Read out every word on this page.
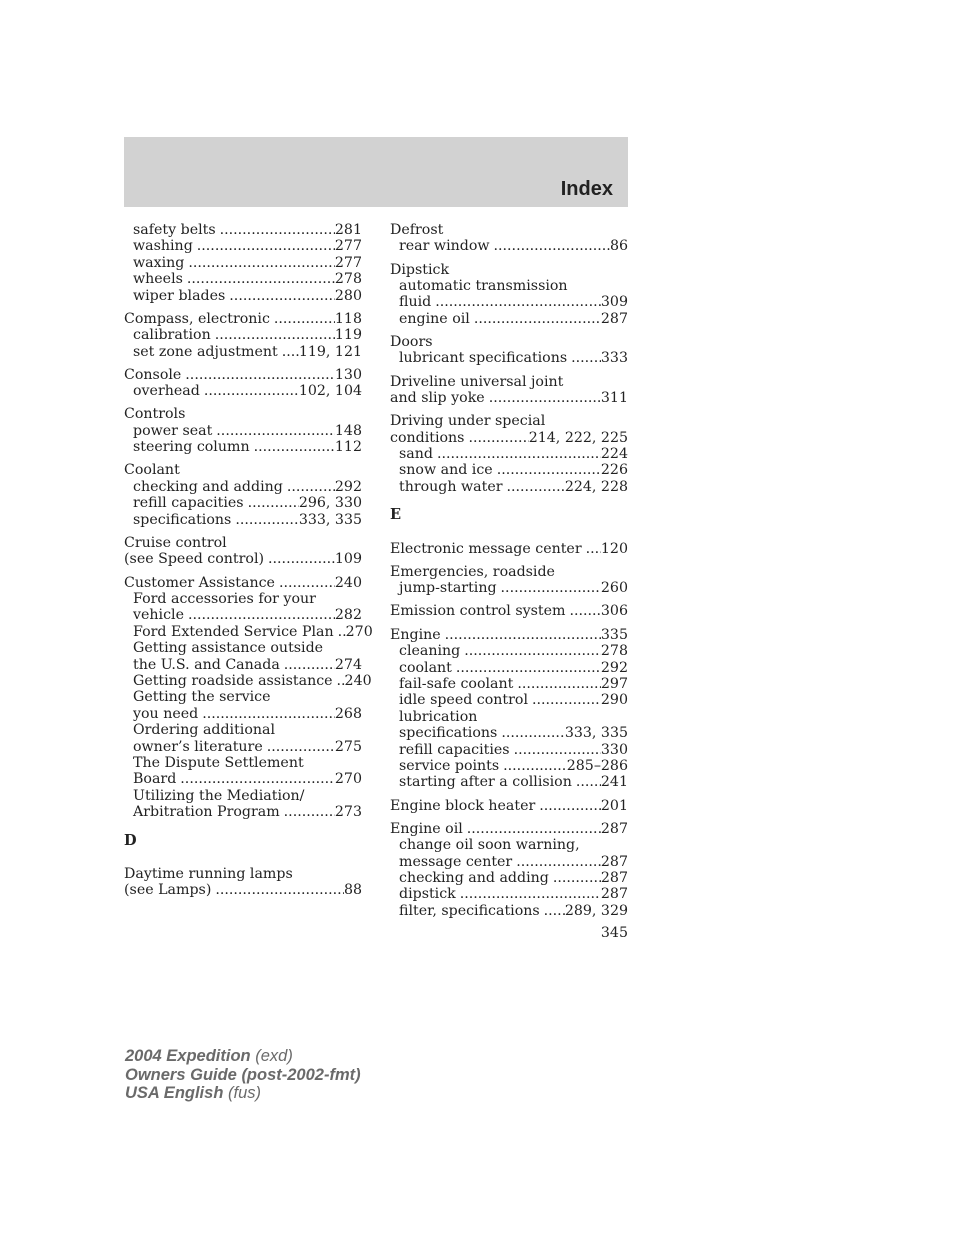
Index
safety belts .....	281
washing .....	277
waxing .....	277
wheels .....	278
wiper blades .....	280
Compass, electronic .....	118
calibration .....	119
set zone adjustment ..... 119, 121
Console .....	130
overhead .....	102, 104
Controls
power seat .....	148
steering column .....	112
Coolant
checking and adding .....	292
refill capacities .....	296, 330
specifications .....	333, 335
Cruise control
(see Speed control) .....	109
Customer Assistance .....	240
Ford accessories for your
vehicle .....	282
Ford Extended Service Plan ..... 270
Getting assistance outside
the U.S. and Canada .....	274
Getting roadside assistance ..... 240
Getting the service
you need .....	268
Ordering additional
owner’s literature .....	275
The Dispute Settlement
Board .....	270
Utilizing the Mediation/
Arbitration Program .....	273
D
Daytime running lamps
(see Lamps) .....	88
Defrost
rear window .....	86
Dipstick
automatic transmission
fluid .....	309
engine oil .....	287
Doors
lubricant specifications ..... 333
Driveline universal joint
and slip yoke .....	311
Driving under special
conditions .....	214, 222, 225
sand .....	224
snow and ice .....	226
through water .....	224, 228
E
Electronic message center ..... 120
Emergencies, roadside
jump-starting .....	260
Emission control system ..... 306
Engine .....	335
cleaning .....	278
coolant .....	292
fail-safe coolant .....	297
idle speed control .....	290
lubrication
specifications .....	333, 335
refill capacities .....	330
service points .....	285–286
starting after a collision ..... 241
Engine block heater .....	201
Engine oil .....	287
change oil soon warning,
message center .....	287
checking and adding .....	287
dipstick .....	287
filter, specifications ..... 289, 329
345
2004 Expedition (exd)
Owners Guide (post-2002-fmt)
USA English (fus)
